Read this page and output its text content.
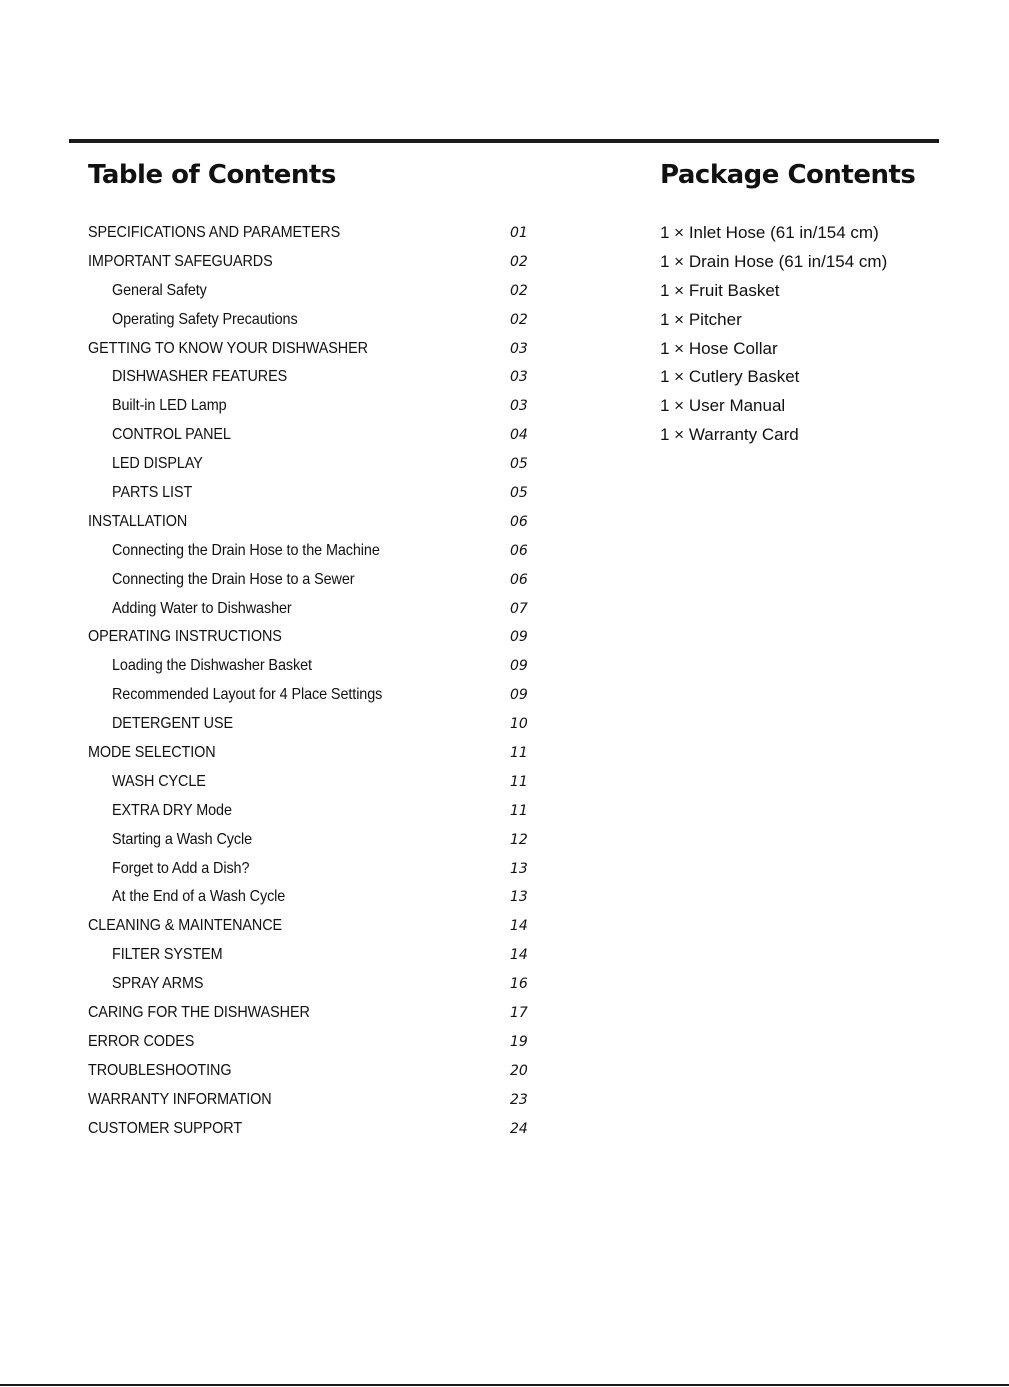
Table of Contents	Package Contents
SPECIFICATIONS AND PARAMETERS	01
IMPORTANT SAFEGUARDS	02
General Safety	02
Operating Safety Precautions	02
GETTING TO KNOW YOUR DISHWASHER	03
DISHWASHER FEATURES	03
Built-in LED Lamp	03
CONTROL PANEL	04
LED DISPLAY	05
PARTS LIST	05
INSTALLATION	06
Connecting the Drain Hose to the Machine	06
Connecting the Drain Hose to a Sewer	06
Adding Water to Dishwasher	07
OPERATING INSTRUCTIONS	09
Loading the Dishwasher Basket	09
Recommended Layout for 4 Place Settings	09
DETERGENT USE	10
MODE SELECTION	11
WASH CYCLE	11
EXTRA DRY Mode	11
Starting a Wash Cycle	12
Forget to Add a Dish?	13
At the End of a Wash Cycle	13
CLEANING & MAINTENANCE	14
FILTER SYSTEM	14
SPRAY ARMS	16
CARING FOR THE DISHWASHER	17
ERROR CODES	19
TROUBLESHOOTING	20
WARRANTY INFORMATION	23
CUSTOMER SUPPORT	24
1 × Inlet Hose (61 in/154 cm)
1 × Drain Hose (61 in/154 cm)
1 × Fruit Basket
1 × Pitcher
1 × Hose Collar
1 × Cutlery Basket
1 × User Manual
1 × Warranty Card
